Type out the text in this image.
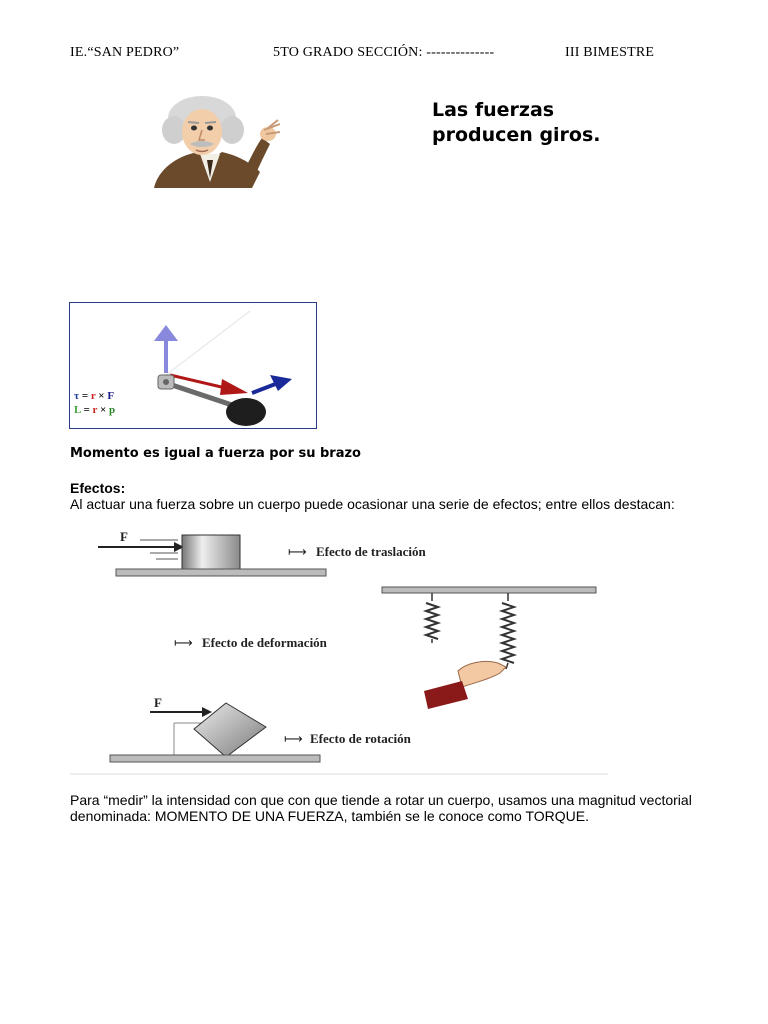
IE.“SAN PEDRO”	5TO GRADO SECCIÓN: --------------	III BIMESTRE
Las fuerzas
producen giros.
τ = r × F
L = r × p
Momento es igual a fuerza por su brazo
Efectos:
Al actuar una fuerza sobre un cuerpo puede ocasionar una serie de efectos; entre ellos destacan:
F
⟼ Efecto de traslación
⟼ Efecto de deformación
F
⟼ Efecto de rotación
Para “medir” la intensidad con que con que tiende a rotar un cuerpo, usamos una magnitud vectorial
denominada: MOMENTO DE UNA FUERZA, también se le conoce como TORQUE.
